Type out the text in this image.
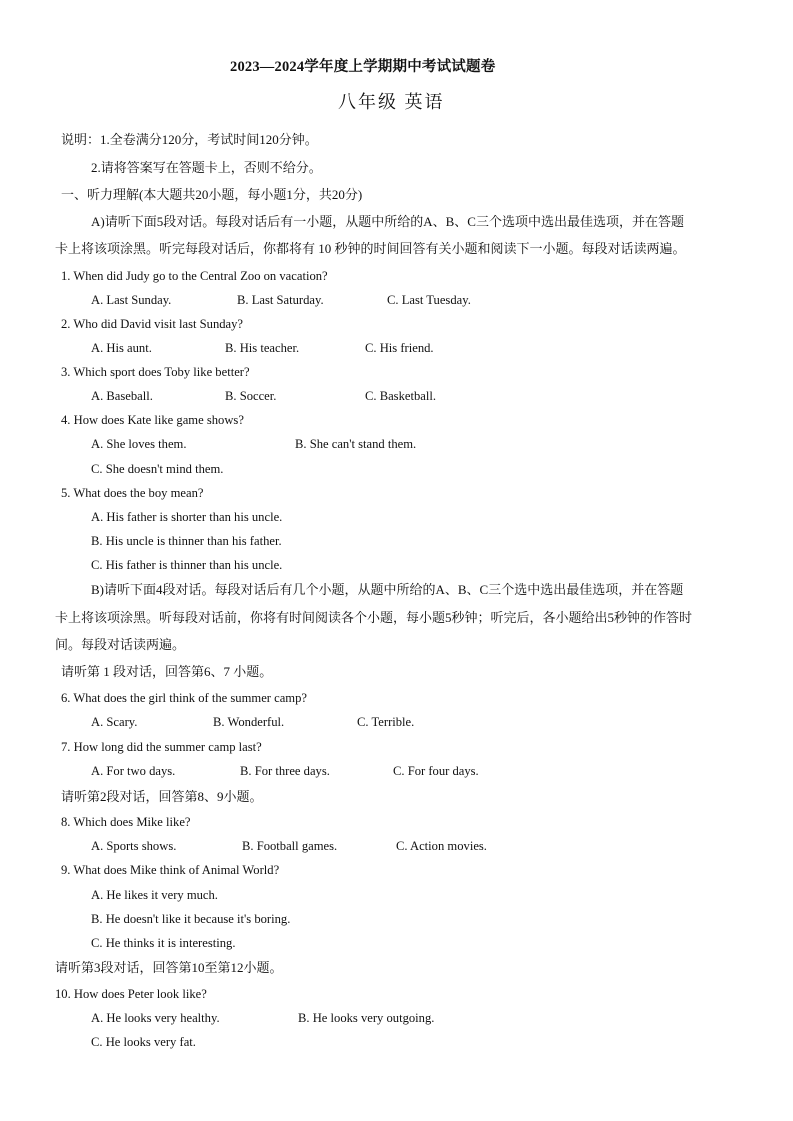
2023—2024学年度上学期期中考试试题卷
八年级 英语
说明：1.全卷满分120分，考试时间120分钟。
2.请将答案写在答题卡上，否则不给分。
一、听力理解(本大题共20小题，每小题1分，共20分)
A)请听下面5段对话。每段对话后有一小题，从题中所给的A、B、C三个选项中选出最佳选项，并在答题
卡上将该项涂黑。听完每段对话后，你都将有 10 秒钟的时间回答有关小题和阅读下一小题。每段对话读两遍。
1. When did Judy go to the Central Zoo on vacation?
A. Last Sunday.	B. Last Saturday.	C. Last Tuesday.
2. Who did David visit last Sunday?
A. His aunt.	B. His teacher.	C. His friend.
3. Which sport does Toby like better?
A. Baseball.	B. Soccer.	C. Basketball.
4. How does Kate like game shows?
A. She loves them.	B. She can't stand them.
C. She doesn't mind them.
5. What does the boy mean?
A. His father is shorter than his uncle.
B. His uncle is thinner than his father.
C. His father is thinner than his uncle.
B)请听下面4段对话。每段对话后有几个小题，从题中所给的A、B、C三个选中选出最佳选项，并在答题
卡上将该项涂黑。听每段对话前，你将有时间阅读各个小题，每小题5秒钟；听完后，各小题给出5秒钟的作答时
间。每段对话读两遍。
请听第 1 段对话，回答第6、7 小题。
6. What does the girl think of the summer camp?
A. Scary.	B. Wonderful.	C. Terrible.
7. How long did the summer camp last?
A. For two days.	B. For three days.	C. For four days.
请听第2段对话，回答第8、9小题。
8. Which does Mike like?
A. Sports shows.	B. Football games.	C. Action movies.
9. What does Mike think of Animal World?
A. He likes it very much.
B. He doesn't like it because it's boring.
C. He thinks it is interesting.
请听第3段对话，回答第10至第12小题。
10. How does Peter look like?
A. He looks very healthy.	B. He looks very outgoing.
C. He looks very fat.
